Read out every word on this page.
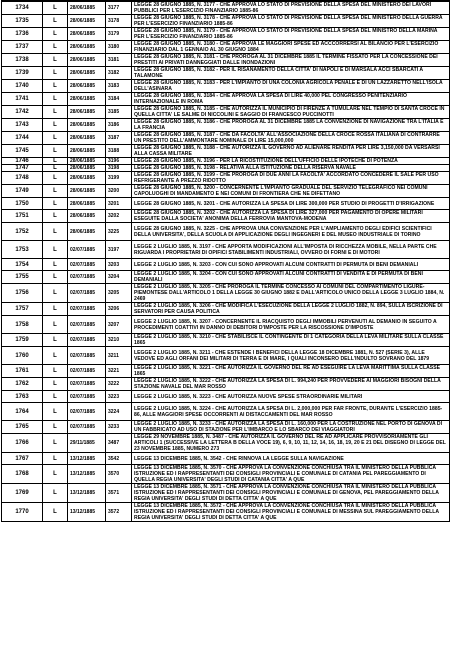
1734	L	28/06/1885	3177	LEGGE 28 GIUGNO 1885, N. 3177 - CHE APPROVA LO STATO DI PREVISIONE DELLA SPESA DEL MINISTERO DEI LAVORI PUBBLICI PER L'ESERCIZIO FINANZIARIO 1885-86
1735	L	28/06/1885	3178	LEGGE 28 GIUGNO 1885, N. 3178 - CHE APPROVA LO STATO DI PREVISIONE DELLA SPESA DEL MINISTERO DELLA GUERRA PER L'ESERCIZIO FINANZIARIO 1885-86
1736	L	28/06/1885	3179	LEGGE 28 GIUGNO 1885, N. 3179 - CHE APPROVA LO STATO DI PREVISIONE DELLA SPESA DEL MINISTRO DELLA MARINA PER L'ESERCIZIO FINANZIARIO 1885-86
1737	L	28/06/1885	3180	LEGGE 28 GIUGNO 1885, N. 3180 - CHE APPROVA LE MAGGIORI SPESE ED ACCCORRERSI AL BILANCIO PER L'ESERCIZIO FINANZIARIO DAL 1 GENNAIO AL 30 GIUGNO 1884
1738	L	28/06/1885	3181	LEGGE 28 GIUGNO 1885, N. 3181 - CHE PROROGA AL 31 DICEMBRE 1885 IL TERMINE FISSATO PER LA CONCESSIONE DEI PRESTITI AI PRIVATI DANNEGGIATI DALLE INONDAZIONI
1739	L	28/06/1885	3182	LEGGE 28 GIUGNO 1885, N. 3182 - PER IL RISANAMENTO DELLA CITTA' DI NAPOLI E DI MARSALA ACCI SBARCATI A TALAMONE
1740	L	28/06/1885	3183	LEGGE 28 GIUGNO 1885, N. 3183 - PER L'IMPIANTO DI UNA COLONIA AGRICOLA PENALE E DI UN LAZZARETTO NELL'ISOLA DELL'ASINARA
1741	L	28/06/1885	3184	LEGGE 28 GIUGNO 1885, N. 3184 - CHE APPROVA LA SPESA DI LIRE 40,000 PEL CONGRESSO PENITENZIARIO INTERNAZIONALE IN ROMA
1742	L	28/06/1885	3185	LEGGE 28 GIUGNO 1885, N. 3185 - CHE AUTORIZZA IL MUNICIPIO DI FIRENZE A TUMULARE NEL TEMPIO DI SANTA CROCE IN QUELLA CITTA' LE SALME DI NICCOLINI E SAGGIO DI FRANCESCO PUCCINOTTI
1743	L	28/06/1885	3186	LEGGE 28 GIUGNO 1885, N. 3186 - CHE PROROGA AL 31 DICEMBRE 1885 LA CONVENZIONE DI NAVIGAZIONE TRA L'ITALIA E LA FRANCIA
1744	L	28/06/1885	3187	LEGGE 28 GIUGNO 1885, N. 3187 - CHE DA FACOLTA' ALL'ASSOCIAZIONE DELLA CROCE ROSSA ITALIANA DI CONTRARRE UN PRESTITO DELL'AMMONTARE NOMINALE DI LIRE 15,000,000
1745	L	28/06/1885	3188	LEGGE 28 GIUGNO 1885, N. 3188 - CHE AUTORIZZA IL GOVERNO AD ALIENARE RENDITA PER LIRE 3,150,000 DA VERSARSI ALLA CASSA MILITARE
1746	L	28/06/1885	3196	LEGGE 28 GIUGNO 1885, N. 3196 - PER LA RICOSTITUZIONE DELL'UFFICIO DELLE IPOTECHE DI POTENZA
1747	L	28/06/1885	3198	LEGGE 28 GIUGNO 1885, N. 3198 - RELATIVA ALLA ISTITUZIONE DELLA RISERVA NAVALE
1748	L	28/06/1885	3199	LEGGE 28 GIUGNO 1885, N. 3199 - CHE PROROGA DI DUE ANNI LA FACOLTA' ACCORDATO CONCEDERE IL SALE PER USO REFRIGERANTE A PREZZO RIDOTTO
1749	L	28/06/1885	3200	LEGGE 28 GIUGNO 1885, N. 3200 - CONCERNENTE L'IMPIANTO GRADUALE DEL SERVIZIO TELEGRAFICO NEI COMUNI CAPOLUOGHI DI MANDAMENTO E NEI COMUNI DI FRONTIERA CHE NE DIFETTANO
1750	L	28/06/1885	3201	LEGGE 28 GIUGNO 1885, N. 3201 - CHE AUTORIZZA LA SPESA DI LIRE 300,000 PER STUDIO DI PROGETTI D'IRRIGAZIONE
1751	L	28/06/1885	3202	LEGGE 28 GIUGNO 1885, N. 3202 - CHE AUTORIZZA LA SPESA DI LIRE 327,000 PER PAGAMENTO DI OPERE MILITARI ESEGUITE DALLA SOCIETA' ANONIMA DELLA FERROVIA MANTOVA-MODENA
1752	L	28/06/1885	3225	LEGGE 28 GIUGNO 1885, N. 3225 - CHE APPROVA UNA CONVENZIONE PER L'AMPLIAMENTO DEGLI EDIFICI SCIENTIFICI DELLA UNIVERSITA', DELLA SCUOLA DI APPLICAZIONE DEGLI INGEGNERI E DEL MUSEO INDUSTRIALE DI TORINO
1753	L	02/07/1885	3197	LEGGE 2 LUGLIO 1885, N. 3197 - CHE APPORTA MODIFICAZIONI ALL'IMPOSTA DI RICCHEZZA MOBILE, NELLA PARTE CHE RIGUARDA I PROPRIETARI DI OPIFICI STABILIMENTI INDUSTRIALI, OVVERO DI FORNI E DI MOTORI
1754	L	02/07/1885	3203	LEGGE 2 LUGLIO 1885, N. 3203 - CON CUI SONO APPROVATI ALCUNI CONTRATTI DI PERMUTA DI BENI DEMANIALI
1755	L	02/07/1885	3204	LEGGE 2 LUGLIO 1885, N. 3204 - CON CUI SONO APPROVATI ALCUNI CONTRATTI DI VENDITA E DI PERMUTA DI BENI DEMANIALI
1756	L	02/07/1885	3205	LEGGE 2 LUGLIO 1885, N. 3205 - CHE PROROGA IL TERMINE CONCESSO AI COMUNI DEL COMPARTIMENTO LIGURE-PIEMONTESE DALL'ARTICOLO 1 DELLA LEGGE 30 GIUGNO 1882 E DALL'ARTICOLO UNICO DELLA LEGGE 3 LUGLIO 1884, N. 2469
1757	L	02/07/1885	3206	LEGGE 2 LUGLIO 1885, N. 3206 - CHE MODIFICA L'ESECUZIONE DELLA LEGGE 2 LUGLIO 1882, N. 894, SULLA ISCRIZIONE DI SERVATORI PER CAUSA POLITICA
1758	L	02/07/1885	3207	LEGGE 2 LUGLIO 1885, N. 3207 - CONCERNENTE IL RIACQUISTO DEGLI IMMOBILI PERVENUTI AL DEMANIO IN SEGUITO A PROCEDIMENTI COATTIVI IN DANNO DI DEBITORI D'IMPOSTE PER LA RISCOSSIONE D'IMPOSTE
1759	L	02/07/1885	3210	LEGGE 2 LUGLIO 1885, N. 3210 - CHE STABILISCE IL CONTINGENTE DI 1 CATEGORIA DELLA LEVA MILITARE SULLA CLASSE 1865
1760	L	02/07/1885	3211	LEGGE 2 LUGLIO 1885, N. 3211 - CHE ESTENDE I BENEFICI DELLA LEGGE 18 DICEMBRE 1881, N. 527 (SERIE 3), ALLE VEDOVE ED AGLI ORFANI DEI MILITARI DI TERRA E DI MARE, I QUALI INCONSERO DELL'INDULTO SOVRANO DEL 1879
1761	L	02/07/1885	3221	LEGGE 2 LUGLIO 1885, N. 3221 - CHE AUTORIZZA IL GOVERNO DEL RE AD ESEGUIRE LA LEVA MARITTIMA SULLA CLASSE 1865
1762	L	02/07/1885	3222	LEGGE 2 LUGLIO 1885, N. 3222 - CHE AUTORIZZA LA SPESA DI L. 994,240 PER PROVVEDERE AI MAGGIORI BISOGNI DELLA STAZIONE NAVALE DEL MAR ROSSO
1763	L	02/07/1885	3223	LEGGE 2 LUGLIO 1885, N. 3223 - CHE AUTORIZZA NUOVE SPESE STRAORDINARIE MILITARI
1764	L	02/07/1885	3224	LEGGE 2 LUGLIO 1885, N. 3224 - CHE AUTORIZZA LA SPESA DI L. 2,000,000 PER FAR FRONTE, DURANTE L'ESERCIZIO 1885-86, ALLE MAGGIORI SPESE OCCORRENTI AI DISTACCAMENTI DEL MAR ROSSO
1765	L	02/07/1885	3233	LEGGE 2 LUGLIO 1885, N. 3233 - CHE AUTORIZZA LA SPESA DI L. 160,000 PER LA COSTRUZIONE NEL PORTO DI GENOVA DI UN FABBRICATO AD USO DI STAZIONE PER L'IMBARCO E LO SBARCO DEI VIAGGIATORI
1766	L	29/11/1885	3487	LEGGE 29 NOVEMBRE 1885, N. 3487 - CHE AUTORIZZA IL GOVERNO DEL RE AD APPLICARE PROVVISORIAMENTE GLI ARTICOLI 1 (SUCCESSIVE LA LETTERA B DELLA VOCE 19), 6, 9, 10, 11, 12, 14, 16, 18, 19, 20 E 21 DEL DISEGNO DI LEGGE DEL 23 NOVEMBRE 1885, NUMERO 273
1767	L	13/12/1885	3542	LEGGE 13 DICEMBRE 1885, N. 3542 - CHE RINNOVA LA LEGGE SULLA NAVIGAZIONE
1768	L	13/12/1885	3570	LEGGE 13 DICEMBRE 1885, N. 3570 - CHE APPROVA LA CONVENZIONE CONCHIUSA TRA IL MINISTERO DELLA PUBBLICA ISTRUZIONE ED I RAPPRESENTANTI DEI CONSIGLI PROVINCIALI E COMUNALE DI CATANIA PEL PAREGGIAMENTO DI QUELLA REGIA UNIVERSITA' DEGLI STUDI DI CATANIA CITTA' A QUE
1769	L	13/12/1885	3571	LEGGE 13 DICEMBRE 1885, N. 3571 - CHE APPROVA LA CONVENZIONE CONCHIUSA TRA IL MINISTERO DELLA PUBBLICA ISTRUZIONE ED I RAPPRESENTANTI DEI CONSIGLI PROVINCIALI E COMUNALE DI GENOVA, PEL PAREGGIAMENTO DELLA REGIA UNIVERSITA' DEGLI STUDI DI DETTA CITTA' A QUE
1770	L	13/12/1885	3572	LEGGE 13 DICEMBRE 1885, N. 3572 - CHE APPROVA LA CONVENZIONE CONCHIUSA TRA IL MINISTERO DELLA PUBBLICA ISTRUZIONE ED I RAPPRESENTANTI DEI CONSIGLI PROVINCIALI E COMUNALE DI MESSINA SUL PAREGGIAMENTO DELLA REGIA UNIVERSITA' DEGLI STUDI DI DETTA CITTA' A QUE
